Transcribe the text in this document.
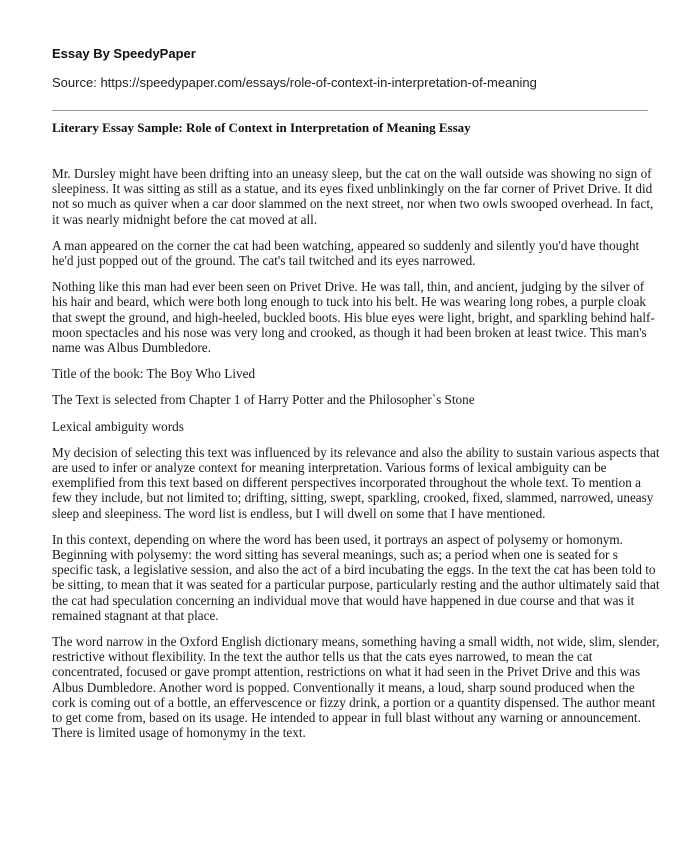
Essay By SpeedyPaper
Source: https://speedypaper.com/essays/role-of-context-in-interpretation-of-meaning
Literary Essay Sample: Role of Context in Interpretation of Meaning Essay

Mr. Dursley might have been drifting into an uneasy sleep, but the cat on the wall outside was showing no sign of sleepiness. It was sitting as still as a statue, and its eyes fixed unblinkingly on the far corner of Privet Drive. It did not so much as quiver when a car door slammed on the next street, nor when two owls swooped overhead. In fact, it was nearly midnight before the cat moved at all.

A man appeared on the corner the cat had been watching, appeared so suddenly and silently you'd have thought he'd just popped out of the ground. The cat's tail twitched and its eyes narrowed.

Nothing like this man had ever been seen on Privet Drive. He was tall, thin, and ancient, judging by the silver of his hair and beard, which were both long enough to tuck into his belt. He was wearing long robes, a purple cloak that swept the ground, and high-heeled, buckled boots. His blue eyes were light, bright, and sparkling behind half-moon spectacles and his nose was very long and crooked, as though it had been broken at least twice. This man's name was Albus Dumbledore.

Title of the book: The Boy Who Lived

The Text is selected from Chapter 1 of Harry Potter and the Philosopher`s Stone

Lexical ambiguity words

My decision of selecting this text was influenced by its relevance and also the ability to sustain various aspects that are used to infer or analyze context for meaning interpretation. Various forms of lexical ambiguity can be exemplified from this text based on different perspectives incorporated throughout the whole text. To mention a few they include, but not limited to; drifting, sitting, swept, sparkling, crooked, fixed, slammed, narrowed, uneasy sleep and sleepiness. The word list is endless, but I will dwell on some that I have mentioned.

In this context, depending on where the word has been used, it portrays an aspect of polysemy or homonym. Beginning with polysemy: the word sitting has several meanings, such as; a period when one is seated for s specific task, a legislative session, and also the act of a bird incubating the eggs. In the text the cat has been told to be sitting, to mean that it was seated for a particular purpose, particularly resting and the author ultimately said that the cat had speculation concerning an individual move that would have happened in due course and that was it remained stagnant at that place.

The word narrow in the Oxford English dictionary means, something having a small width, not wide, slim, slender, restrictive without flexibility. In the text the author tells us that the cats eyes narrowed, to mean the cat concentrated, focused or gave prompt attention, restrictions on what it had seen in the Privet Drive and this was Albus Dumbledore. Another word is popped. Conventionally it means, a loud, sharp sound produced when the cork is coming out of a bottle, an effervescence or fizzy drink, a portion or a quantity dispensed. The author meant to get come from, based on its usage. He intended to appear in full blast without any warning or announcement. There is limited usage of homonymy in the text.
